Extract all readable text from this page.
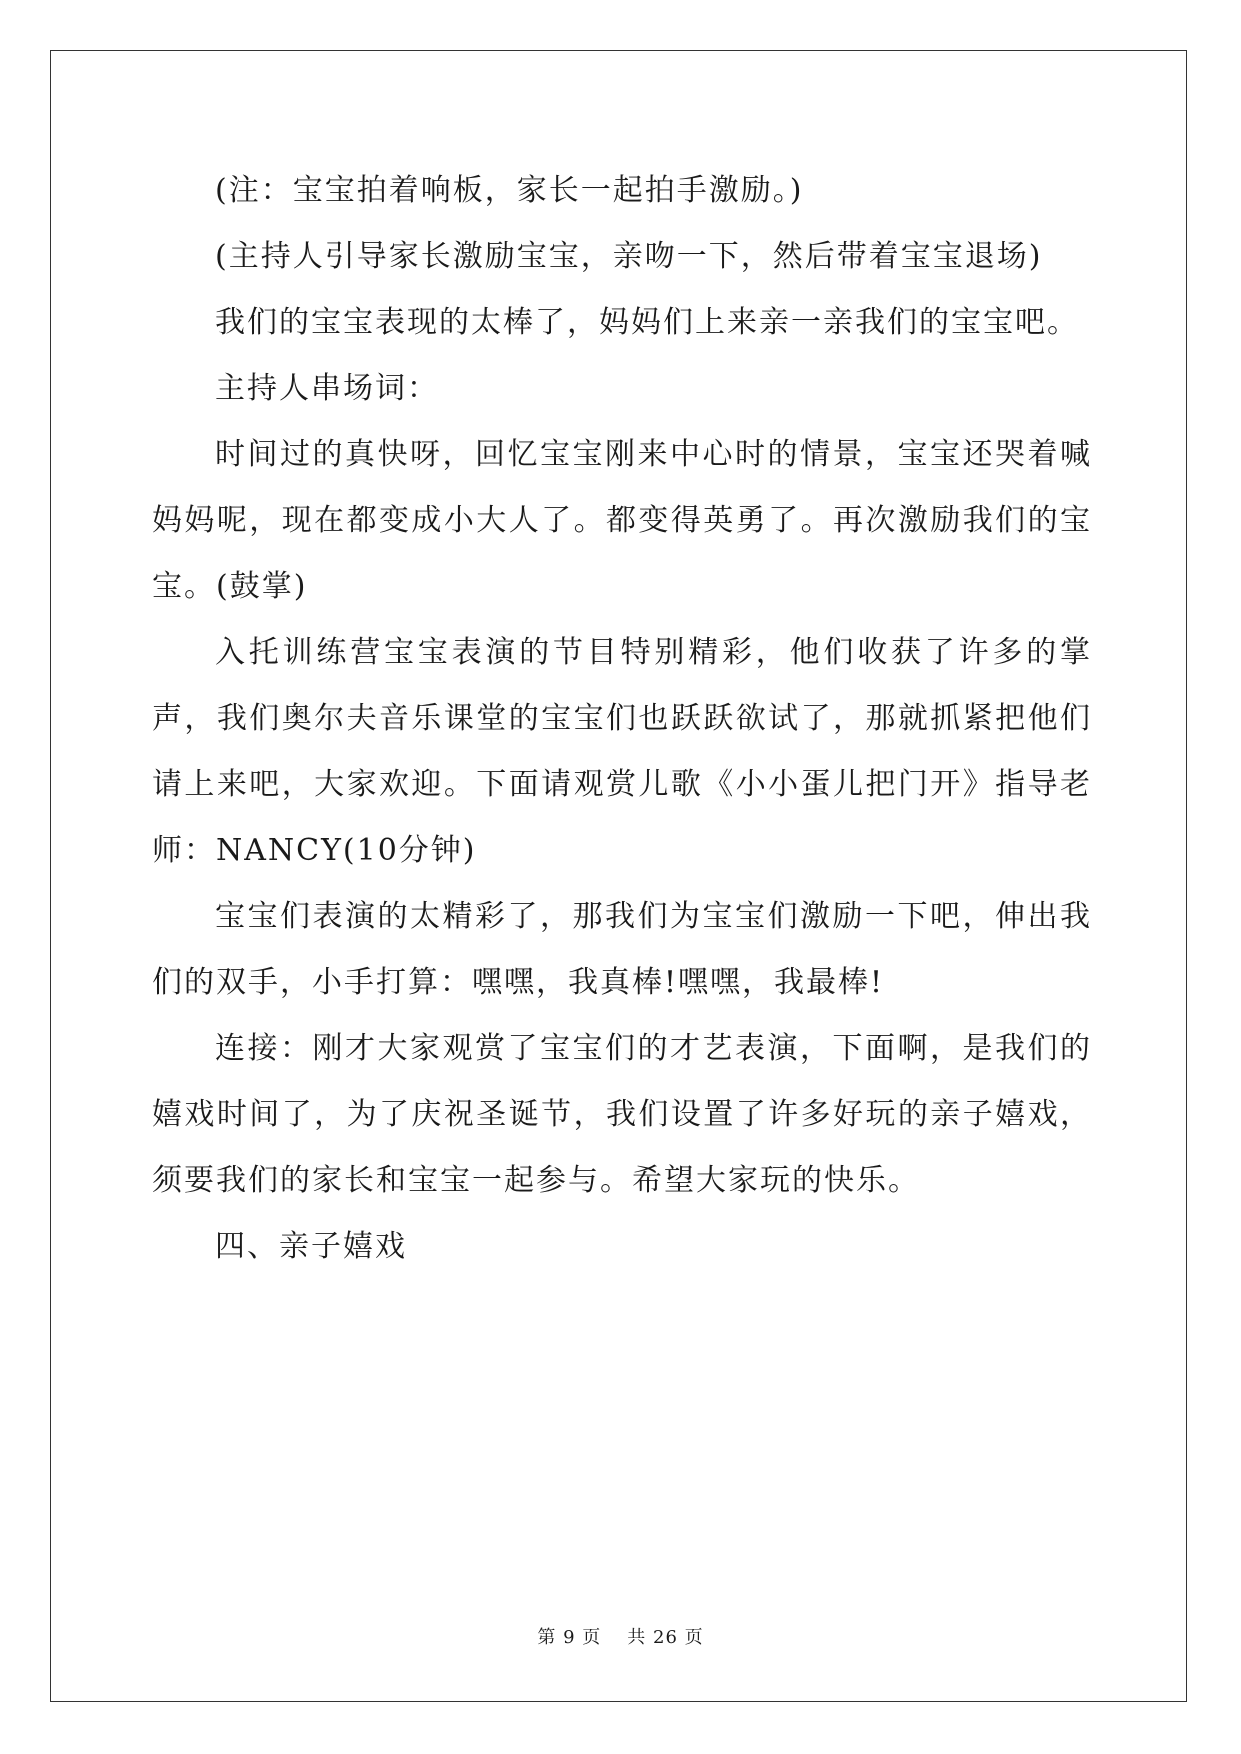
(注：宝宝拍着响板，家长一起拍手激励。)

(主持人引导家长激励宝宝，亲吻一下，然后带着宝宝退场)

我们的宝宝表现的太棒了，妈妈们上来亲一亲我们的宝宝吧。

主持人串场词：

时间过的真快呀，回忆宝宝刚来中心时的情景，宝宝还哭着喊妈妈呢，现在都变成小大人了。都变得英勇了。再次激励我们的宝宝。(鼓掌)

入托训练营宝宝表演的节目特别精彩，他们收获了许多的掌声，我们奥尔夫音乐课堂的宝宝们也跃跃欲试了，那就抓紧把他们请上来吧，大家欢迎。下面请观赏儿歌《小小蛋儿把门开》指导老师：NANCY(10分钟)

宝宝们表演的太精彩了，那我们为宝宝们激励一下吧，伸出我们的双手，小手打算：嘿嘿，我真棒!嘿嘿，我最棒!

连接：刚才大家观赏了宝宝们的才艺表演，下面啊，是我们的嬉戏时间了，为了庆祝圣诞节，我们设置了许多好玩的亲子嬉戏，须要我们的家长和宝宝一起参与。希望大家玩的快乐。

四、亲子嬉戏

第 9 页 共 26 页
